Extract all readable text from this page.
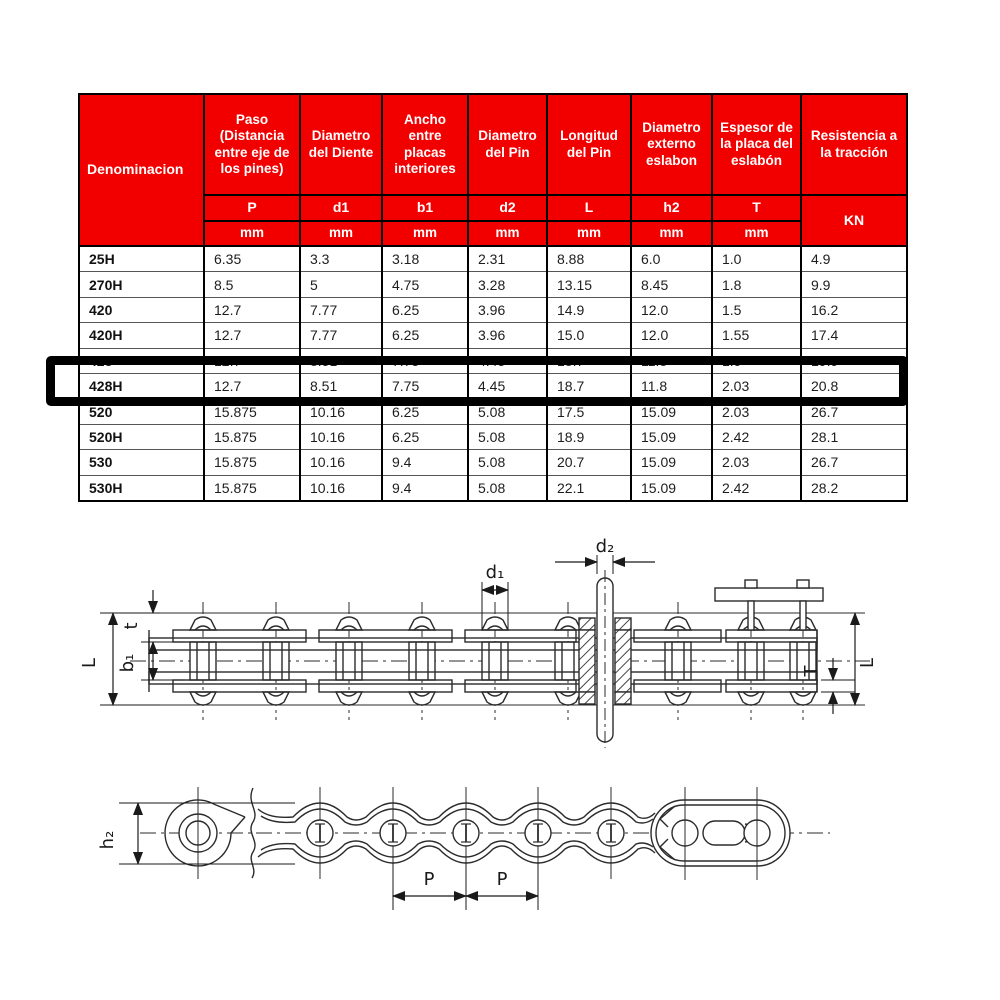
Denominacion	Paso (Distancia entre eje de los pines)	Diametro del Diente	Ancho entre placas interiores	Diametro del Pin	Longitud del Pin	Diametro externo eslabon	Espesor de la placa del eslabón	Resistencia a la tracción
	P	d1	b1	d2	L	h2	T	KN
	mm	mm	mm	mm	mm	mm	mm	
25H	6.35	3.3	3.18	2.31	8.88	6.0	1.0	4.9
270H	8.5	5	4.75	3.28	13.15	8.45	1.8	9.9
420	12.7	7.77	6.25	3.96	14.9	12.0	1.5	16.2
420H	12.7	7.77	6.25	3.96	15.0	12.0	1.55	17.4
428	12.7	8.51	7.75	4.45	18.7	11.8	1.9	19.9
428H	12.7	8.51	7.75	4.45	18.7	11.8	2.03	20.8
520	15.875	10.16	6.25	5.08	17.5	15.09	2.03	26.7
520H	15.875	10.16	6.25	5.08	18.9	15.09	2.42	28.1
530	15.875	10.16	9.4	5.08	20.7	15.09	2.03	26.7
530H	15.875	10.16	9.4	5.08	22.1	15.09	2.42	28.2
d₁
d₂
t
b₁
L
T
L
h₂
P	P
